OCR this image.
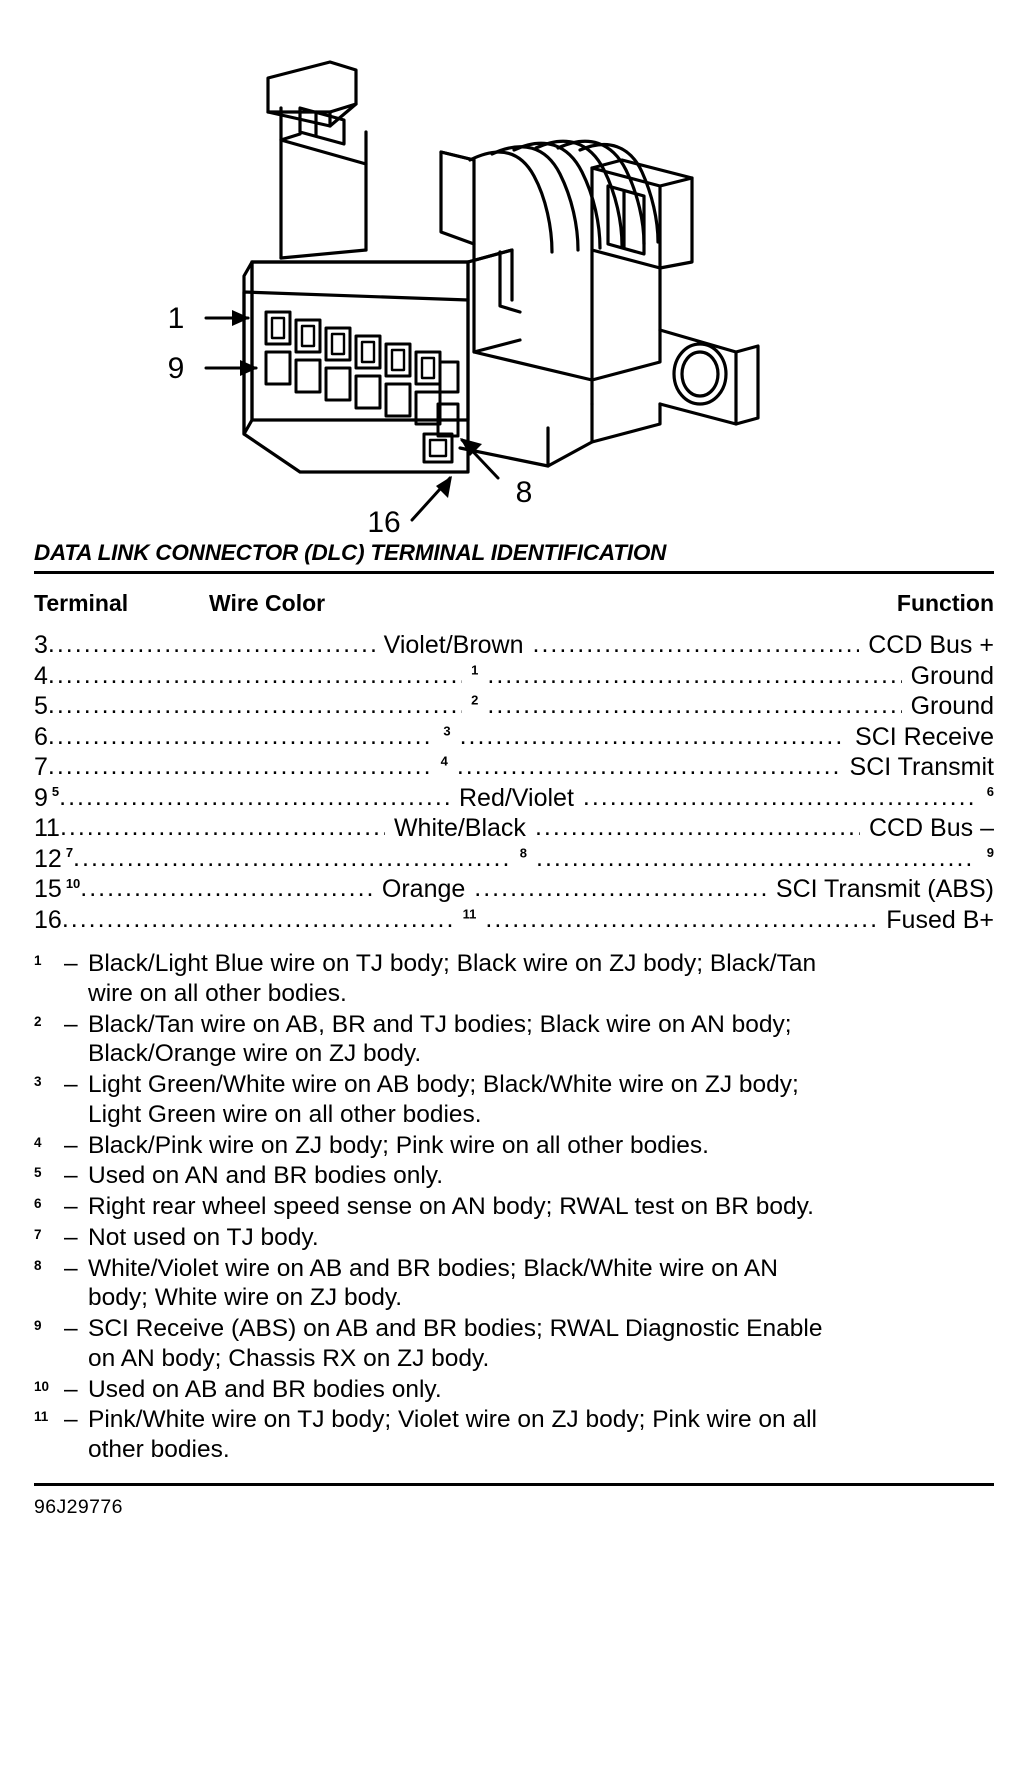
1
9
8
16
DATA LINK CONNECTOR (DLC) TERMINAL IDENTIFICATION
Terminal	Wire Color	Function
3 .....	Violet/Brown .....	CCD Bus +
4 .....	$^1$ .....	Ground
5 .....	$^2$ .....	Ground
6 .....	$^3$ .....	SCI Receive
7 .....	$^4$ .....	SCI Transmit
9 $^5$ .....	Red/Violet .....	$^6$
11 .....	White/Black .....	CCD Bus –
12 $^7$ .....	$^8$ .....	$^9$
15 $^{10}$ .....	Orange .....	SCI Transmit (ABS)
16 .....	$^{11}$ .....	Fused B+
1 – Black/Light Blue wire on TJ body; Black wire on ZJ body; Black/Tan
wire on all other bodies.
2 – Black/Tan wire on AB, BR and TJ bodies; Black wire on AN body;
Black/Orange wire on ZJ body.
3 – Light Green/White wire on AB body; Black/White wire on ZJ body;
Light Green wire on all other bodies.
4 – Black/Pink wire on ZJ body; Pink wire on all other bodies.
5 – Used on AN and BR bodies only.
6 – Right rear wheel speed sense on AN body; RWAL test on BR body.
7 – Not used on TJ body.
8 – White/Violet wire on AB and BR bodies; Black/White wire on AN
body; White wire on ZJ body.
9 – SCI Receive (ABS) on AB and BR bodies; RWAL Diagnostic Enable
on AN body; Chassis RX on ZJ body.
10 – Used on AB and BR bodies only.
11 – Pink/White wire on TJ body; Violet wire on ZJ body; Pink wire on all
other bodies.
96J29776
